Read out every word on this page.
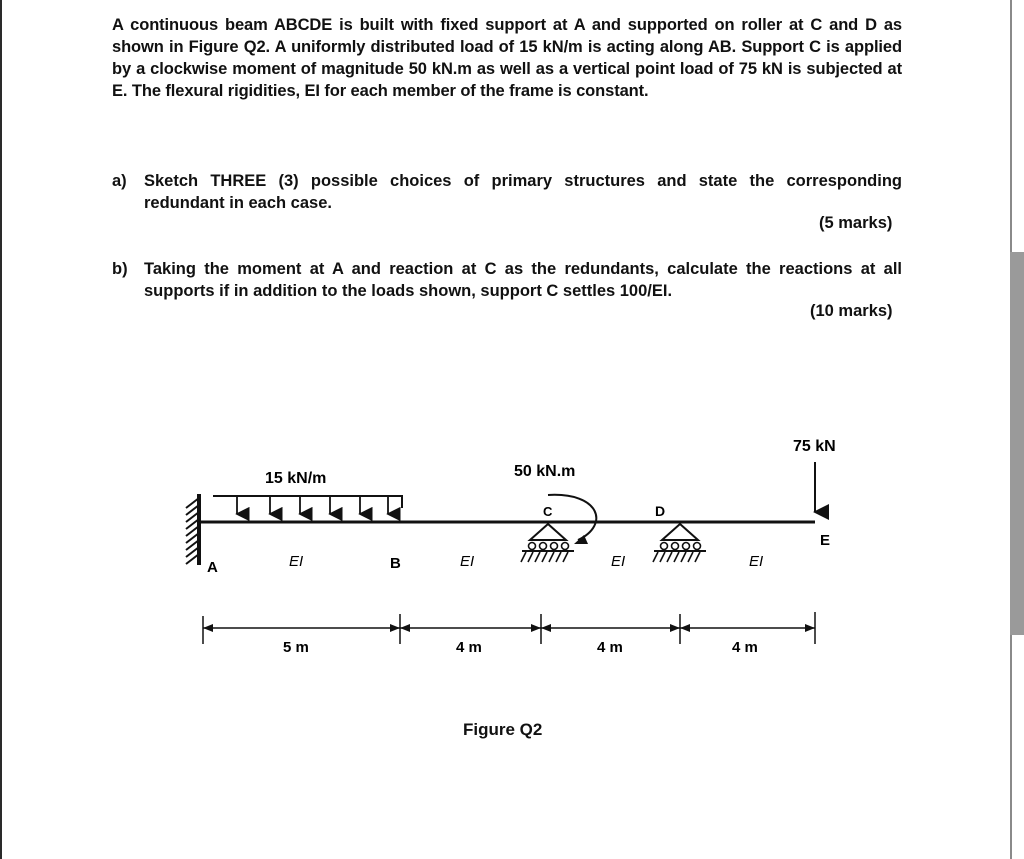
A continuous beam ABCDE is built with fixed support at A and supported on roller at C and D as shown in Figure Q2. A uniformly distributed load of 15 kN/m is acting along AB. Support C is applied by a clockwise moment of magnitude 50 kN.m as well as a vertical point load of 75 kN is subjected at E. The flexural rigidities, EI for each member of the frame is constant.
a) Sketch THREE (3) possible choices of primary structures and state the corresponding redundant in each case.
(5 marks)
b) Taking the moment at A and reaction at C as the redundants, calculate the reactions at all supports if in addition to the loads shown, support C settles 100/EI.
(10 marks)
15 kN/m	50 kN.m
75 kN
A	B
C	D
E
EI	EI	EI	EI
5 m	4 m	4 m	4 m
Figure Q2
